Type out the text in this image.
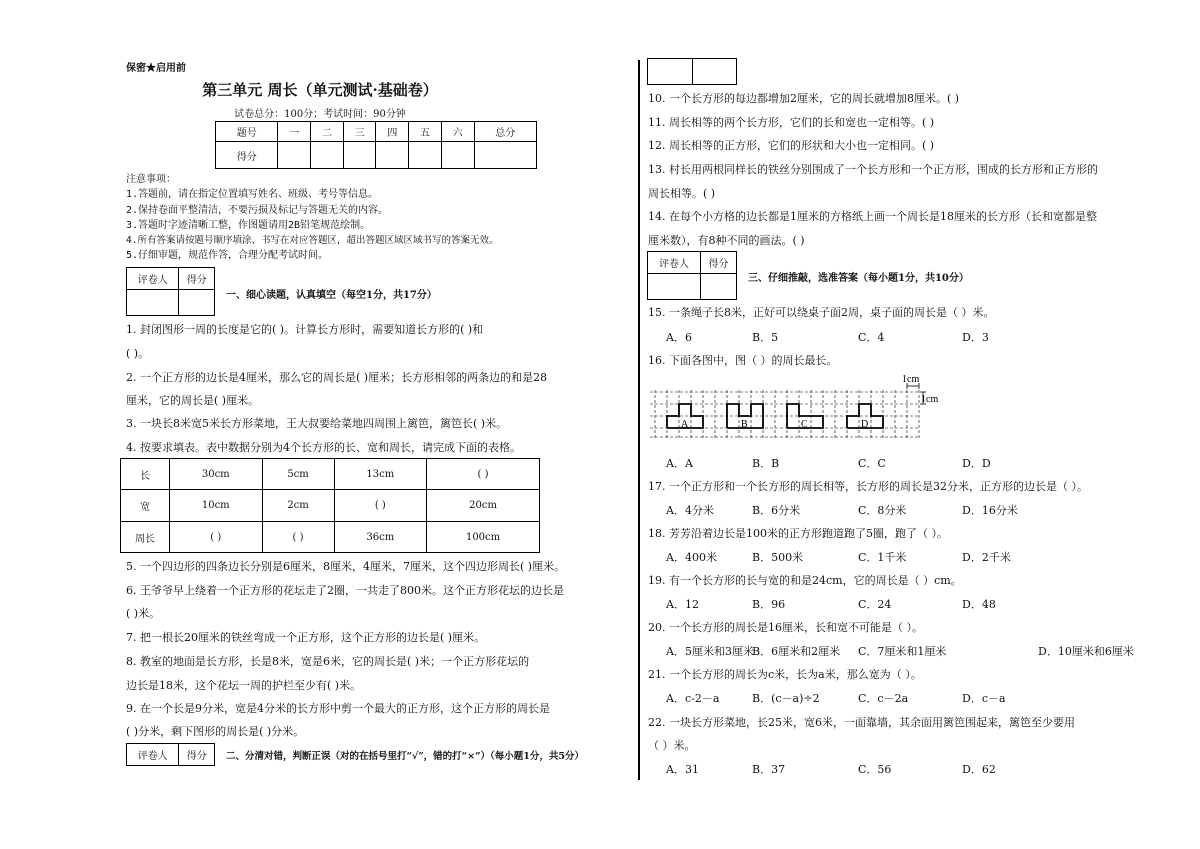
保密★启用前
第三单元 周长（单元测试·基础卷）
试卷总分：100分；考试时间：90分钟
题号	一	二	三	四	五	六	总分
得分							
注意事项：
1.答题前，请在指定位置填写姓名、班级、考号等信息。
2.保持卷面平整清洁，不要污损及标记与答题无关的内容。
3.答题时字迹清晰工整，作图题请用2B铅笔规范绘制。
4.所有答案请按题号顺序填涂、书写在对应答题区，超出答题区域区域书写的答案无效。
5.仔细审题，规范作答，合理分配考试时间。
评卷人	得分

一、细心读题，认真填空（每空1分，共17分）
1. 封闭图形一周的长度是它的( )。计算长方形时，需要知道长方形的( )和
( )。
2. 一个正方形的边长是4厘米，那么它的周长是( )厘米；长方形相邻的两条边的和是28
厘米，它的周长是( )厘米。
3. 一块长8米宽5米长方形菜地，王大叔要给菜地四周围上篱笆，篱笆长( )米。
4. 按要求填表。表中数据分别为4个长方形的长、宽和周长，请完成下面的表格。
长	30cm	5cm	13cm	( )
宽	10cm	2cm	( )	20cm
周长	( )	( )	36cm	100cm
5. 一个四边形的四条边长分别是6厘米，8厘米，4厘米，7厘米，这个四边形周长( )厘米。
6. 王爷爷早上绕着一个正方形的花坛走了2圈，一共走了800米。这个正方形花坛的边长是
( )米。
7. 把一根长20厘米的铁丝弯成一个正方形，这个正方形的边长是( )厘米。
8. 教室的地面是长方形，长是8米，宽是6米，它的周长是( )米；一个正方形花坛的
边长是18米，这个花坛一周的护栏至少有( )米。
9. 在一个长是9分米，宽是4分米的长方形中剪一个最大的正方形，这个正方形的周长是
( )分米，剩下图形的周长是( )分米。
评卷人	得分 二、分清对错，判断正误（对的在括号里打“√”，错的打“×”）（每小题1分，共5分）

10. 一个长方形的每边都增加2厘米，它的周长就增加8厘米。( )
11. 周长相等的两个长方形，它们的长和宽也一定相等。( )
12. 周长相等的正方形，它们的形状和大小也一定相同。( )
13. 村长用两根同样长的铁丝分别围成了一个长方形和一个正方形，围成的长方形和正方形的
周长相等。( )
14. 在每个小方格的边长都是1厘米的方格纸上画一个周长是18厘米的长方形（长和宽都是整
厘米数），有8种不同的画法。( )
评卷人	得分

三、仔细推敲，选准答案（每小题1分，共10分）
15. 一条绳子长8米，正好可以绕桌子面2周，桌子面的周长是（ ）米。
A．6	B．5	C．4	D．3
16. 下面各图中，图（ ）的周长最长。
1cm
1cm
A	B	C	D
A．A	B．B	C．C	D．D
17. 一个正方形和一个长方形的周长相等，长方形的周长是32分米，正方形的边长是（ ）。
A．4分米	B．6分米	C．8分米	D．16分米
18. 芳芳沿着边长是100米的正方形跑道跑了5圈，跑了（ ）。
A．400米	B．500米	C．1千米	D．2千米
19. 有一个长方形的长与宽的和是24cm，它的周长是（ ）cm。
A．12	B．96	C．24	D．48
20. 一个长方形的周长是16厘米，长和宽不可能是（ ）。
A．5厘米和3厘米
B．6厘米和2厘米 C．7厘米和1厘米	D．10厘米和6厘米
21. 一个长方形的周长为c米，长为a米，那么宽为（ ）。
A．c-2－a	B．(c－a)÷2	C．c－2a	D．c－a
22. 一块长方形菜地，长25米，宽6米，一面靠墙，其余面用篱笆围起来，篱笆至少要用
（ ）米。
A．31	B．37	C．56	D．62
